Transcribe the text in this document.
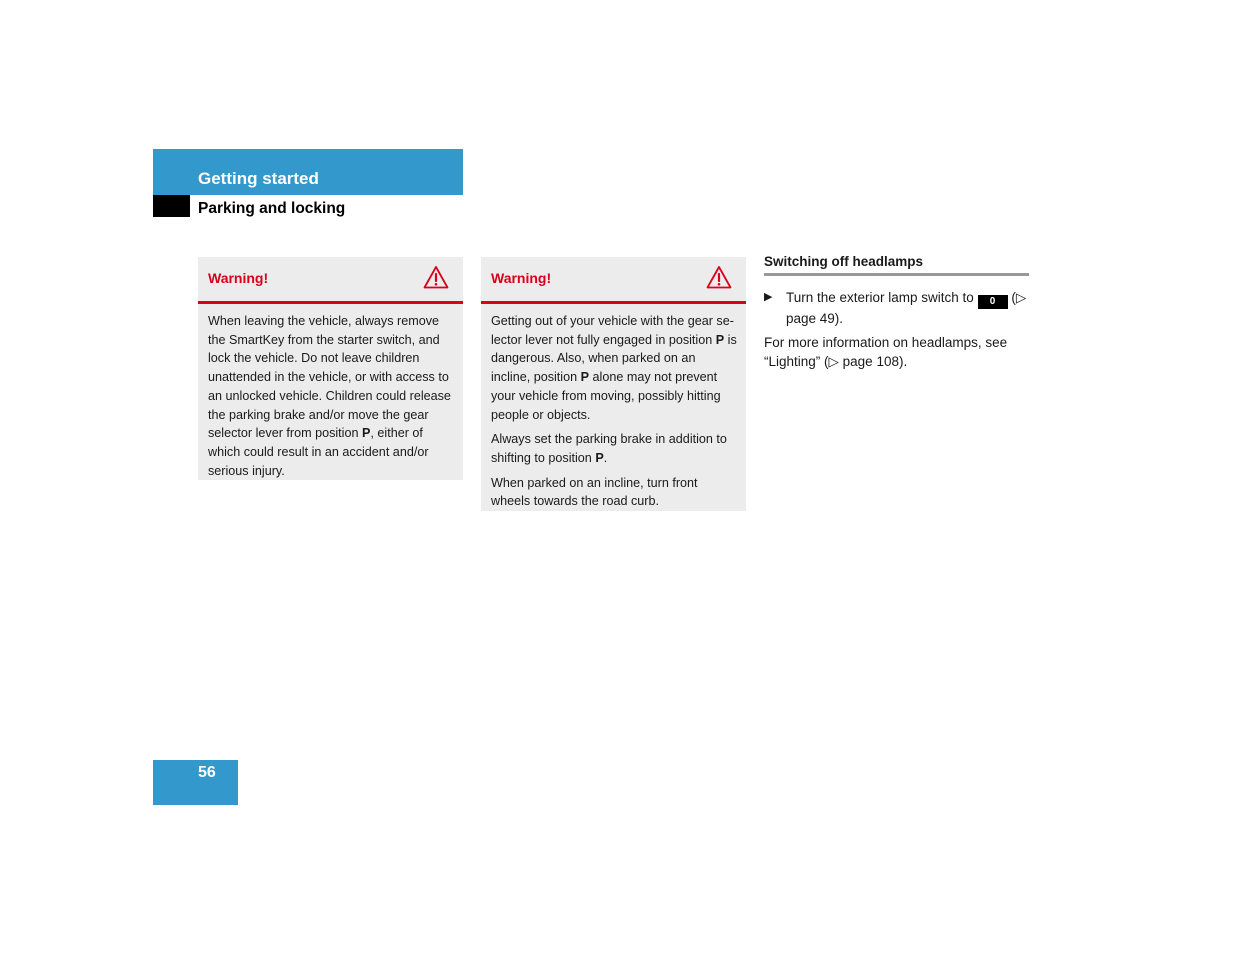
Getting started
Parking and locking
Warning!

When leaving the vehicle, always remove the SmartKey from the starter switch, and lock the vehicle. Do not leave children unattended in the vehicle, or with access to an unlocked vehicle. Children could release the parking brake and/or move the gear selector lever from position P, either of which could result in an accident and/or serious injury.

Warning!

Getting out of your vehicle with the gear selector lever not fully engaged in position P is dangerous. Also, when parked on an incline, position P alone may not prevent your vehicle from moving, possibly hitting people or objects.

Always set the parking brake in addition to shifting to position P.

When parked on an incline, turn front wheels towards the road curb.

Switching off headlamps
▶ Turn the exterior lamp switch to 0 (▷ page 49).
For more information on headlamps, see “Lighting” (▷ page 108).
56
